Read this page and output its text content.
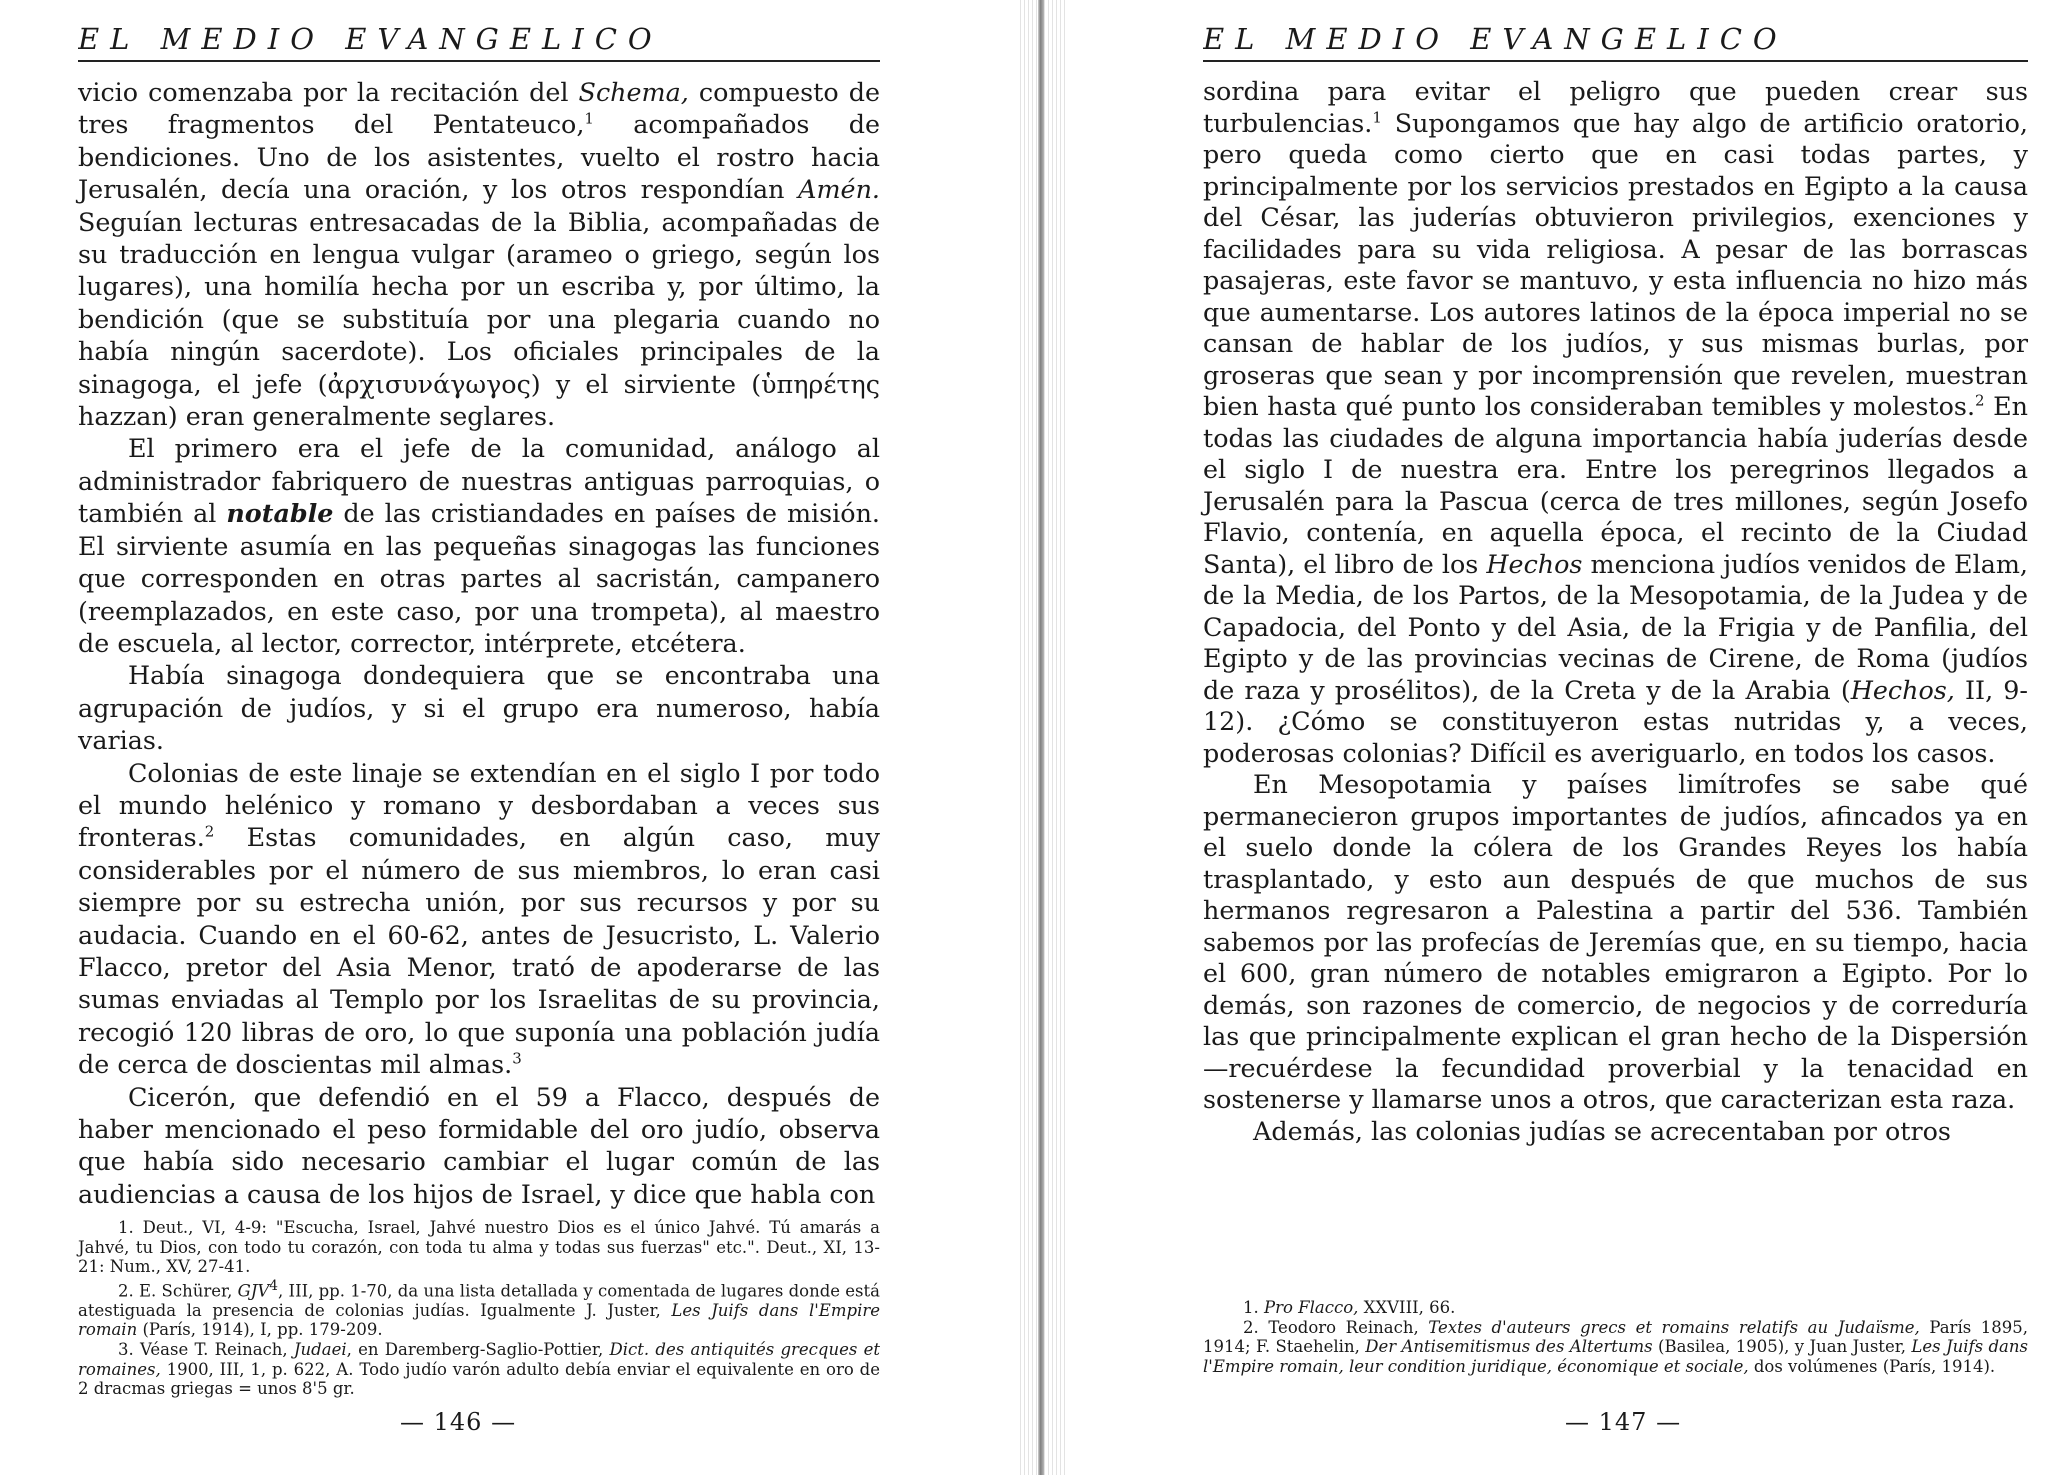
EL MEDIO EVANGELICO

vicio comenzaba por la recitación del Schema, compuesto de tres fragmentos del Pentateuco,$^1$ acompañados de bendiciones. Uno de los asistentes, vuelto el rostro hacia Jerusalén, decía una oración, y los otros respondían Amén. Seguían lecturas entresacadas de la Biblia, acompañadas de su traducción en lengua vulgar (arameo o griego, según los lugares), una homilía hecha por un escriba y, por último, la bendición (que se substituía por una plegaria cuando no había ningún sacerdote). Los oficiales principales de la sinagoga, el jefe (ἀρχισυνάγωγος) y el sirviente (ὑπηρέτης hazzan) eran generalmente seglares.

El primero era el jefe de la comunidad, análogo al administrador fabriquero de nuestras antiguas parroquias, o también al notable de las cristiandades en países de misión. El sirviente asumía en las pequeñas sinagogas las funciones que corresponden en otras partes al sacristán, campanero (reemplazados, en este caso, por una trompeta), al maestro de escuela, al lector, corrector, intérprete, etcétera.

Había sinagoga dondequiera que se encontraba una agrupación de judíos, y si el grupo era numeroso, había varias.

Colonias de este linaje se extendían en el siglo I por todo el mundo helénico y romano y desbordaban a veces sus fronteras.$^2$ Estas comunidades, en algún caso, muy considerables por el número de sus miembros, lo eran casi siempre por su estrecha unión, por sus recursos y por su audacia. Cuando en el 60-62, antes de Jesucristo, L. Valerio Flacco, pretor del Asia Menor, trató de apoderarse de las sumas enviadas al Templo por los Israelitas de su provincia, recogió 120 libras de oro, lo que suponía una población judía de cerca de doscientas mil almas.$^3$

Cicerón, que defendió en el 59 a Flacco, después de haber mencionado el peso formidable del oro judío, observa que había sido necesario cambiar el lugar común de las audiencias a causa de los hijos de Israel, y dice que habla con

1. Deut., VI, 4-9: "Escucha, Israel, Jahvé nuestro Dios es el único Jahvé. Tú amarás a Jahvé, tu Dios, con todo tu corazón, con toda tu alma y todas sus fuerzas" etc.". Deut., XI, 13-21: Num., XV, 27-41.

2. E. Schürer, GJV$^4$, III, pp. 1-70, da una lista detallada y comentada de lugares donde está atestiguada la presencia de colonias judías. Igualmente J. Juster, Les Juifs dans l'Empire romain (París, 1914), I, pp. 179-209.

3. Véase T. Reinach, Judaei, en Daremberg-Saglio-Pottier, Dict. des antiquités grecques et romaines, 1900, III, 1, p. 622, A. Todo judío varón adulto debía enviar el equivalente en oro de 2 dracmas griegas = unos 8'5 gr.

— 146 —
EL MEDIO EVANGELICO

sordina para evitar el peligro que pueden crear sus turbulencias.$^1$ Supongamos que hay algo de artificio oratorio, pero queda como cierto que en casi todas partes, y principalmente por los servicios prestados en Egipto a la causa del César, las juderías obtuvieron privilegios, exenciones y facilidades para su vida religiosa. A pesar de las borrascas pasajeras, este favor se mantuvo, y esta influencia no hizo más que aumentarse. Los autores latinos de la época imperial no se cansan de hablar de los judíos, y sus mismas burlas, por groseras que sean y por incomprensión que revelen, muestran bien hasta qué punto los consideraban temibles y molestos.$^2$ En todas las ciudades de alguna importancia había juderías desde el siglo I de nuestra era. Entre los peregrinos llegados a Jerusalén para la Pascua (cerca de tres millones, según Josefo Flavio, contenía, en aquella época, el recinto de la Ciudad Santa), el libro de los Hechos menciona judíos venidos de Elam, de la Media, de los Partos, de la Mesopotamia, de la Judea y de Capadocia, del Ponto y del Asia, de la Frigia y de Panfilia, del Egipto y de las provincias vecinas de Cirene, de Roma (judíos de raza y prosélitos), de la Creta y de la Arabia (Hechos, II, 9-12). ¿Cómo se constituyeron estas nutridas y, a veces, poderosas colonias? Difícil es averiguarlo, en todos los casos.

En Mesopotamia y países limítrofes se sabe qué permanecieron grupos importantes de judíos, afincados ya en el suelo donde la cólera de los Grandes Reyes los había trasplantado, y esto aun después de que muchos de sus hermanos regresaron a Palestina a partir del 536. También sabemos por las profecías de Jeremías que, en su tiempo, hacia el 600, gran número de notables emigraron a Egipto. Por lo demás, son razones de comercio, de negocios y de correduría las que principalmente explican el gran hecho de la Dispersión —recuérdese la fecundidad proverbial y la tenacidad en sostenerse y llamarse unos a otros, que caracterizan esta raza.

Además, las colonias judías se acrecentaban por otros

1. Pro Flacco, XXVIII, 66.

2. Teodoro Reinach, Textes d'auteurs grecs et romains relatifs au Judaïsme, París 1895, 1914; F. Staehelin, Der Antisemitismus des Altertums (Basilea, 1905), y Juan Juster, Les Juifs dans l'Empire romain, leur condition juridique, économique et sociale, dos volúmenes (París, 1914).

— 147 —
